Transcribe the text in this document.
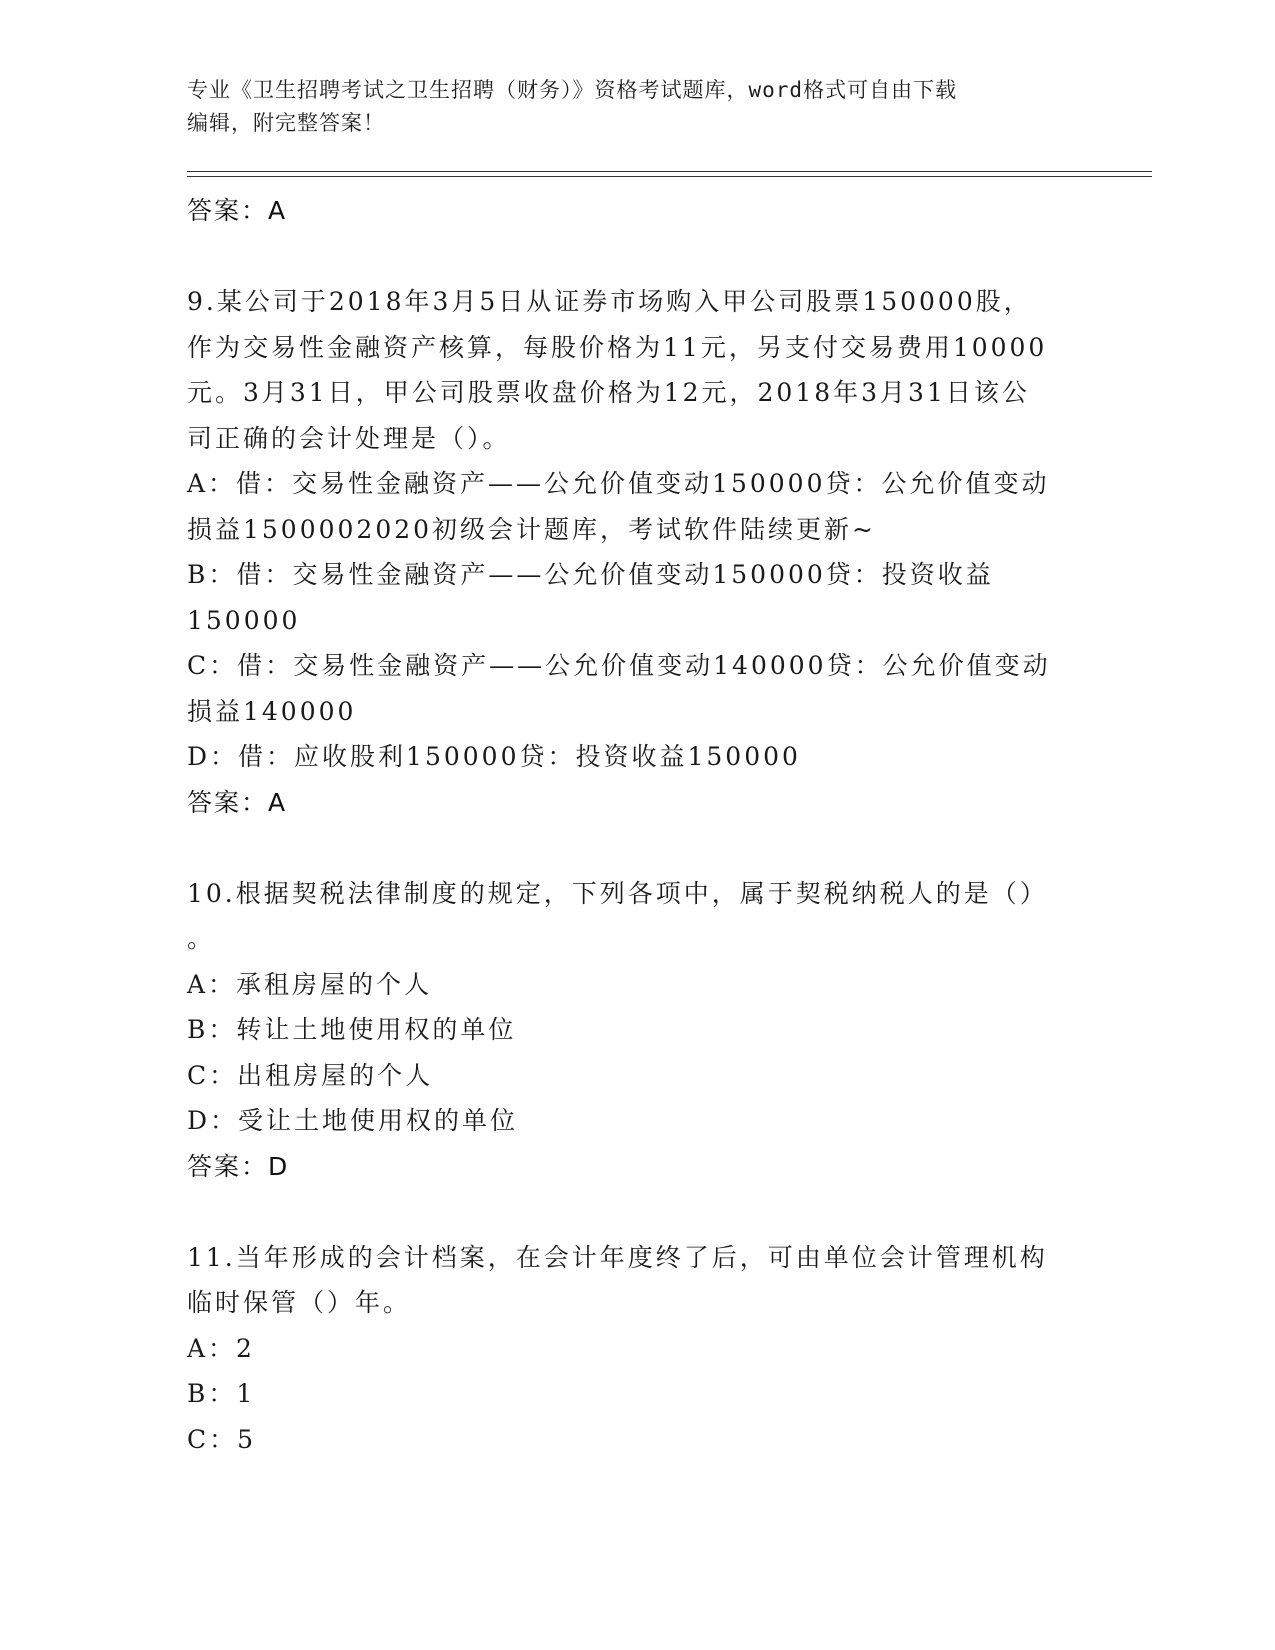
专业《卫生招聘考试之卫生招聘（财务）》资格考试题库，word格式可自由下载
编辑，附完整答案！
答案：A
9.某公司于2018年3月5日从证券市场购入甲公司股票150000股，
作为交易性金融资产核算，每股价格为11元，另支付交易费用10000
元。3月31日，甲公司股票收盘价格为12元，2018年3月31日该公
司正确的会计处理是（）。
A：借：交易性金融资产——公允价值变动150000贷：公允价值变动
损益1500002020初级会计题库，考试软件陆续更新~
B：借：交易性金融资产——公允价值变动150000贷：投资收益
150000
C：借：交易性金融资产——公允价值变动140000贷：公允价值变动
损益140000
D：借：应收股利150000贷：投资收益150000
答案：A
10.根据契税法律制度的规定，下列各项中，属于契税纳税人的是（）
。
A：承租房屋的个人
B：转让土地使用权的单位
C：出租房屋的个人
D：受让土地使用权的单位
答案：D
11.当年形成的会计档案，在会计年度终了后，可由单位会计管理机构
临时保管（）年。
A：2
B：1
C：5
